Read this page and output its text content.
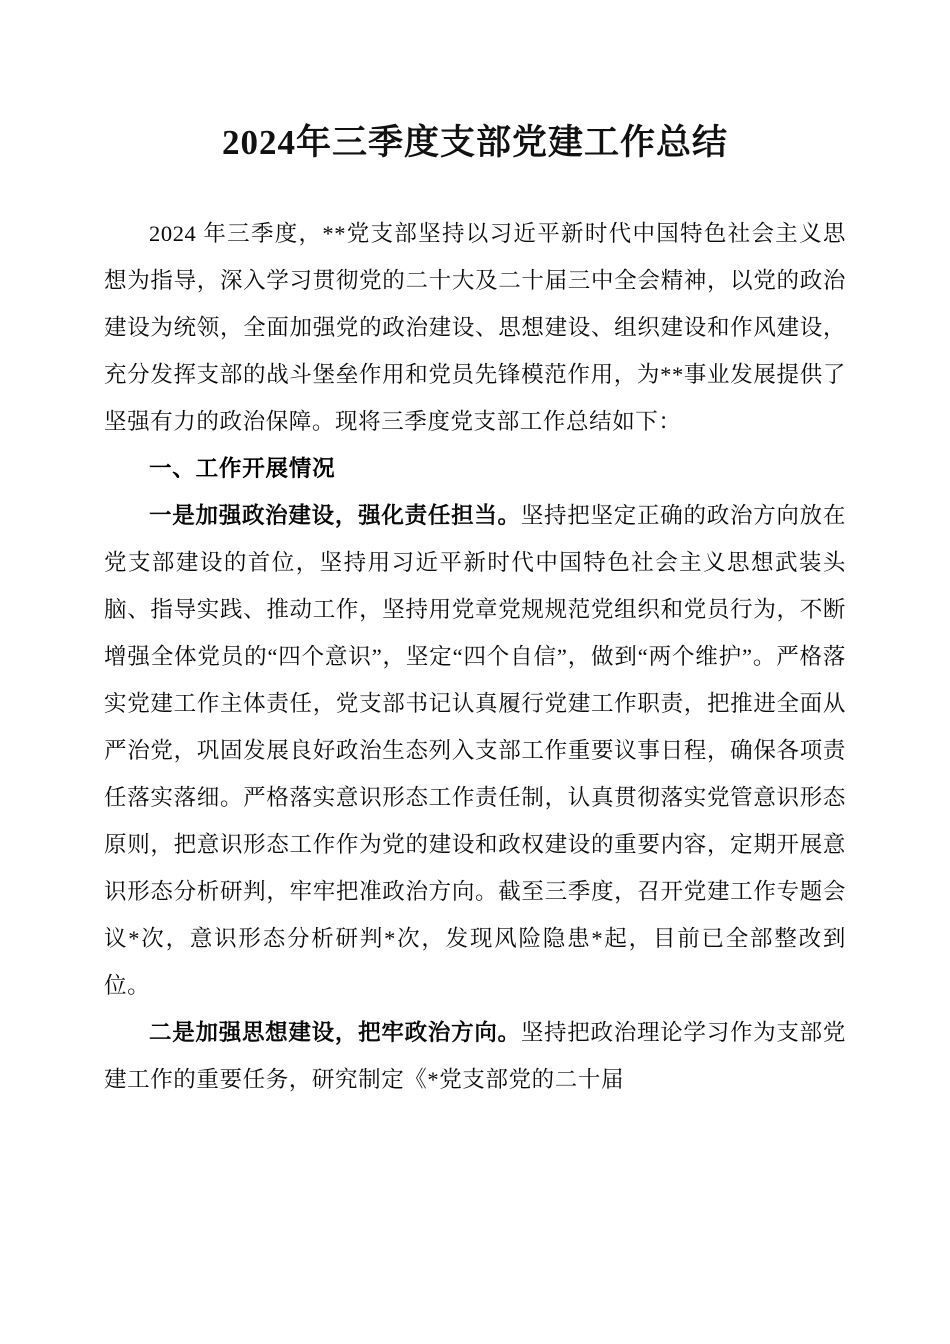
2024年三季度支部党建工作总结

2024 年三季度，**党支部坚持以习近平新时代中国特色社会主义思想为指导，深入学习贯彻党的二十大及二十届三中全会精神，以党的政治建设为统领，全面加强党的政治建设、思想建设、组织建设和作风建设，充分发挥支部的战斗堡垒作用和党员先锋模范作用，为**事业发展提供了坚强有力的政治保障。现将三季度党支部工作总结如下：

一、工作开展情况

一是加强政治建设，强化责任担当。坚持把坚定正确的政治方向放在党支部建设的首位，坚持用习近平新时代中国特色社会主义思想武装头脑、指导实践、推动工作，坚持用党章党规规范党组织和党员行为，不断增强全体党员的“四个意识”，坚定“四个自信”，做到“两个维护”。严格落实党建工作主体责任，党支部书记认真履行党建工作职责，把推进全面从严治党，巩固发展良好政治生态列入支部工作重要议事日程，确保各项责任落实落细。严格落实意识形态工作责任制，认真贯彻落实党管意识形态原则，把意识形态工作作为党的建设和政权建设的重要内容，定期开展意识形态分析研判，牢牢把准政治方向。截至三季度，召开党建工作专题会议*次，意识形态分析研判*次，发现风险隐患*起，目前已全部整改到位。

二是加强思想建设，把牢政治方向。坚持把政治理论学习作为支部党建工作的重要任务，研究制定《*党支部党的二十届
